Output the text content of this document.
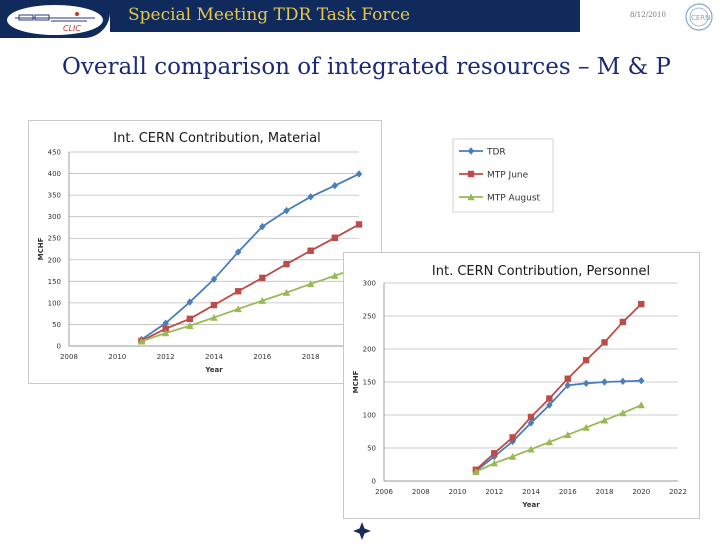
CLIC
Special Meeting TDR Task Force	8/12/2010	CERN
Overall comparison of integrated resources – M & P
Int. CERN Contribution, Material
0
50
100
150
200
250
300
350
400
450
2008	2010	2012	2014	2016	2018
Year
MCHF
TDR
MTP June
MTP August
Int. CERN Contribution, Personnel
0
50
100
150
200
250
300
2006	2008	2010	2012	2014	2016	2018	2020	2022
Year
MCHF
